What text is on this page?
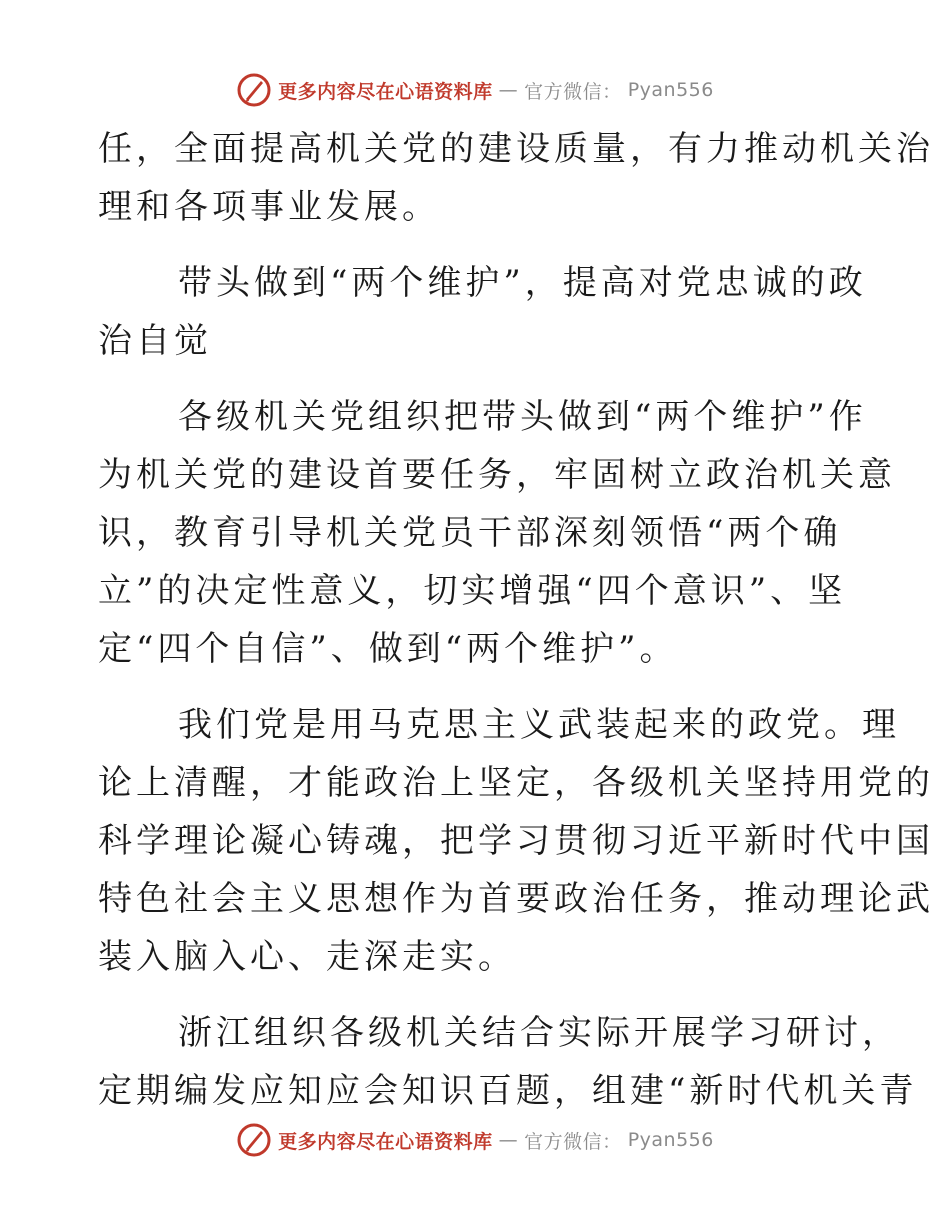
更多内容尽在心语资料库 — 官方微信： Pyan556
任，全面提高机关党的建设质量，有力推动机关治
理和各项事业发展。
带头做到“两个维护”，提高对党忠诚的政
治自觉
各级机关党组织把带头做到“两个维护”作
为机关党的建设首要任务，牢固树立政治机关意
识，教育引导机关党员干部深刻领悟“两个确
立”的决定性意义，切实增强“四个意识”、坚
定“四个自信”、做到“两个维护”。
我们党是用马克思主义武装起来的政党。理
论上清醒，才能政治上坚定，各级机关坚持用党的
科学理论凝心铸魂，把学习贯彻习近平新时代中国
特色社会主义思想作为首要政治任务，推动理论武
装入脑入心、走深走实。
浙江组织各级机关结合实际开展学习研讨，
定期编发应知应会知识百题，组建“新时代机关青
更多内容尽在心语资料库 — 官方微信： Pyan556
